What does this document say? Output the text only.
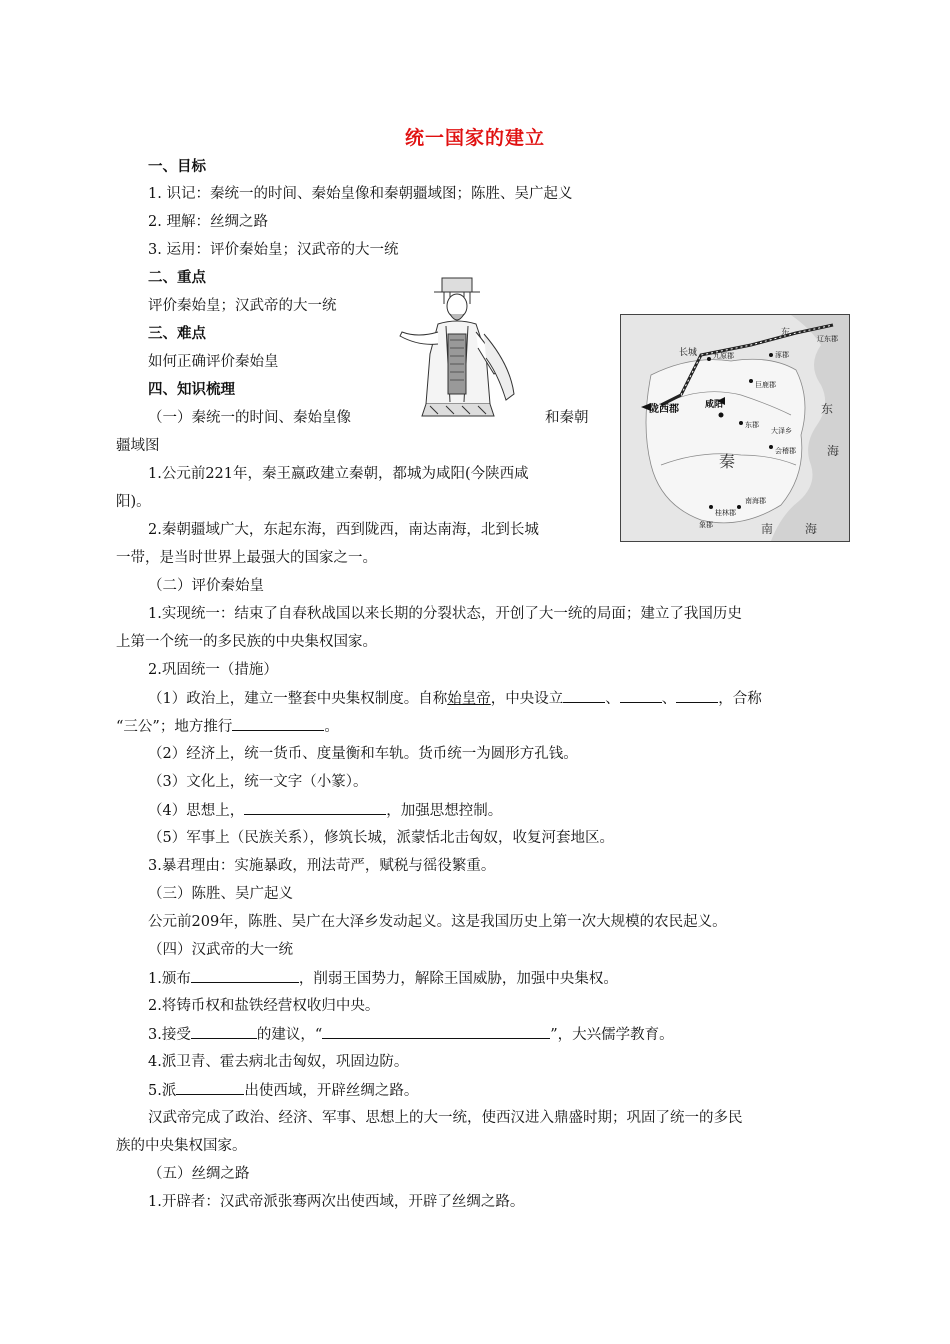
统一国家的建立
一、目标
1. 识记：秦统一的时间、秦始皇像和秦朝疆域图；陈胜、吴广起义
2. 理解：丝绸之路
3. 运用：评价秦始皇；汉武帝的大一统
二、重点
评价秦始皇；汉武帝的大一统
三、难点
如何正确评价秦始皇
四、知识梳理
长城 九原郡	涿郡
辽东郡
巨鹿郡
陇西郡	咸阳
东郡
大泽乡
会稽郡
秦
南海郡
桂林郡
象郡
东
海
南	海
东
（一）秦统一的时间、秦始皇像	和秦朝
疆域图
1.公元前221年，秦王嬴政建立秦朝，都城为咸阳(今陕西咸
阳)。
2.秦朝疆域广大，东起东海，西到陇西，南达南海，北到长城
一带，是当时世界上最强大的国家之一。
（二）评价秦始皇
1.实现统一：结束了自春秋战国以来长期的分裂状态，开创了大一统的局面；建立了我国历史
上第一个统一的多民族的中央集权国家。
2.巩固统一（措施）
（1）政治上，建立一整套中央集权制度。自称始皇帝，中央设立	、	、	，合称
“三公”；地方推行	。
（2）经济上，统一货币、度量衡和车轨。货币统一为圆形方孔钱。
（3）文化上，统一文字（小篆）。
（4）思想上，	，加强思想控制。
（5）军事上（民族关系），修筑长城，派蒙恬北击匈奴，收复河套地区。
3.暴君理由：实施暴政，刑法苛严，赋税与徭役繁重。
（三）陈胜、吴广起义
公元前209年，陈胜、吴广在大泽乡发动起义。这是我国历史上第一次大规模的农民起义。
（四）汉武帝的大一统
1.颁布	，削弱王国势力，解除王国威胁，加强中央集权。
2.将铸币权和盐铁经营权收归中央。
3.接受	的建议，“	”，大兴儒学教育。
4.派卫青、霍去病北击匈奴，巩固边防。
5.派	出使西域，开辟丝绸之路。
汉武帝完成了政治、经济、军事、思想上的大一统，使西汉进入鼎盛时期；巩固了统一的多民
族的中央集权国家。
（五）丝绸之路
1.开辟者：汉武帝派张骞两次出使西域，开辟了丝绸之路。
